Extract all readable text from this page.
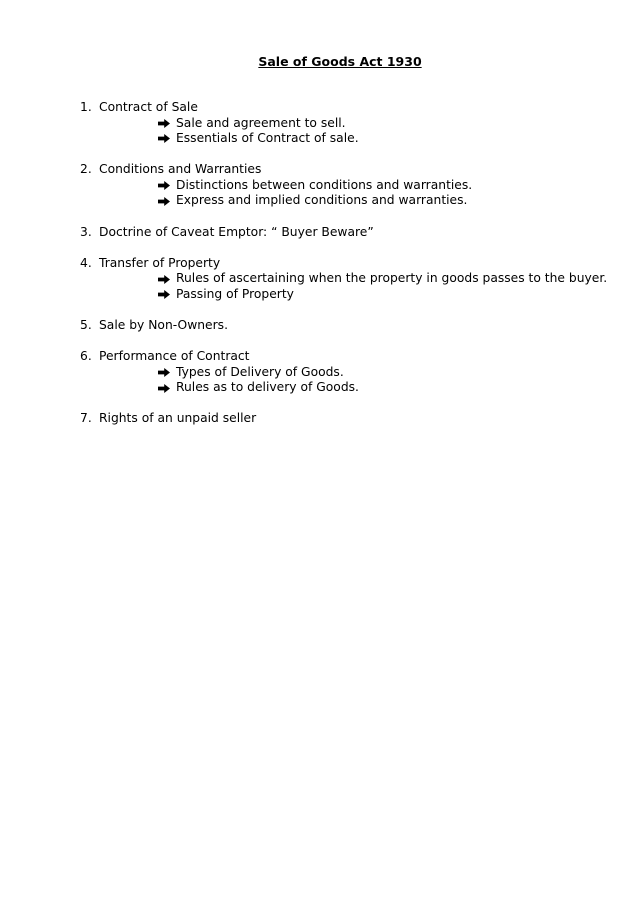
Sale of Goods Act 1930
1. Contract of Sale
Sale and agreement to sell.
Essentials of Contract of sale.
2. Conditions and Warranties
Distinctions between conditions and warranties.
Express and implied conditions and warranties.
3. Doctrine of Caveat Emptor: “ Buyer Beware”
4. Transfer of Property
Rules of ascertaining when the property in goods passes to the buyer.
Passing of Property
5. Sale by Non-Owners.
6. Performance of Contract
Types of Delivery of Goods.
Rules as to delivery of Goods.
7. Rights of an unpaid seller
